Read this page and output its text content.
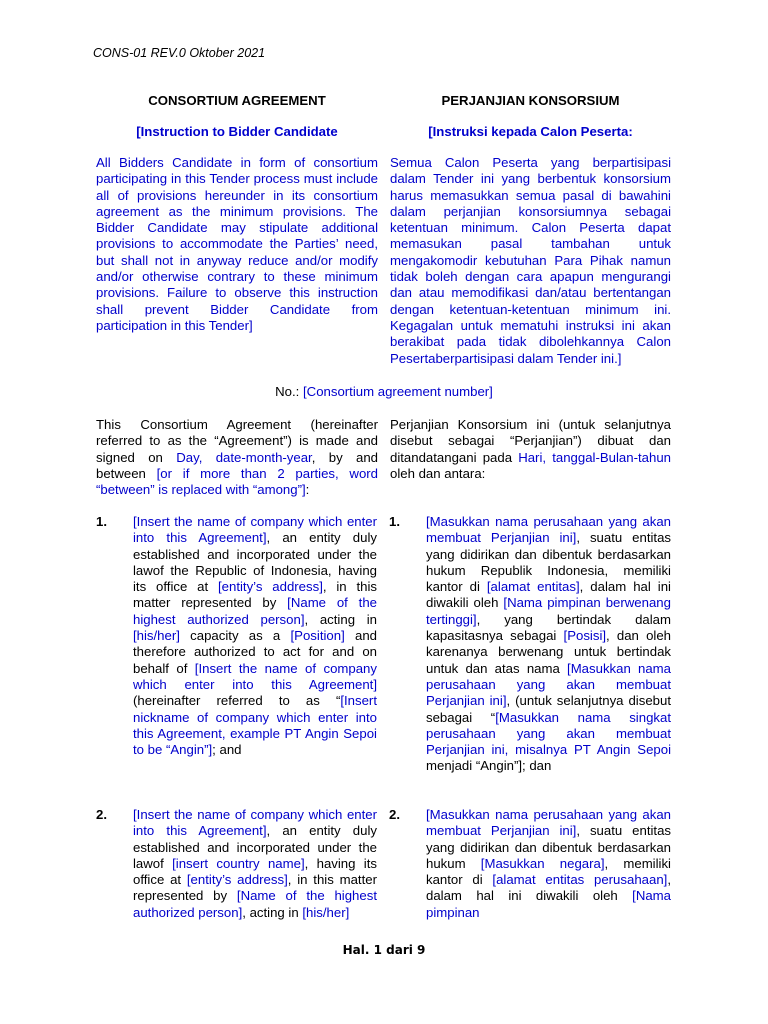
CONS-01 REV.0 Oktober 2021
CONSORTIUM AGREEMENT	PERJANJIAN KONSORSIUM
[Instruction to Bidder Candidate	[Instruksi kepada Calon Peserta:
All Bidders Candidate in form of consortium participating in this Tender process must include all of provisions hereunder in its consortium agreement as the minimum provisions. The Bidder Candidate may stipulate additional provisions to accommodate the Parties’ need, but shall not in anyway reduce and/or modify and/or otherwise contrary to these minimum provisions. Failure to observe this instruction shall prevent Bidder Candidate from participation in this Tender]
Semua Calon Peserta yang berpartisipasi dalam Tender ini yang berbentuk konsorsium harus memasukkan semua pasal di bawahini dalam perjanjian konsorsiumnya sebagai ketentuan minimum. Calon Peserta dapat memasukan pasal tambahan untuk mengakomodir kebutuhan Para Pihak namun tidak boleh dengan cara apapun mengurangi dan atau memodifikasi dan/atau bertentangan dengan ketentuan-ketentuan minimum ini. Kegagalan untuk mematuhi instruksi ini akan berakibat pada tidak dibolehkannya Calon Pesertaberpartisipasi dalam Tender ini.]
No.: [Consortium agreement number]
This Consortium Agreement (hereinafter referred to as the “Agreement”) is made and signed on Day, date-month-year, by and between [or if more than 2 parties, word “between” is replaced with “among”]:
Perjanjian Konsorsium ini (untuk selanjutnya disebut sebagai “Perjanjian”) dibuat dan ditandatangani pada Hari, tanggal-Bulan-tahun oleh dan antara:
1. [Insert the name of company which enter into this Agreement], an entity duly established and incorporated under the lawof the Republic of Indonesia, having its office at [entity’s address], in this matter represented by [Name of the highest authorized person], acting in [his/her] capacity as a [Position] and therefore authorized to act for and on behalf of [Insert the name of company which enter into this Agreement] (hereinafter referred to as “[Insert nickname of company which enter into this Agreement, example PT Angin Sepoi to be “Angin”]; and
1. [Masukkan nama perusahaan yang akan membuat Perjanjian ini], suatu entitas yang didirikan dan dibentuk berdasarkan hukum Republik Indonesia, memiliki kantor di [alamat entitas], dalam hal ini diwakili oleh [Nama pimpinan berwenang tertinggi], yang bertindak dalam kapasitasnya sebagai [Posisi], dan oleh karenanya berwenang untuk bertindak untuk dan atas nama [Masukkan nama perusahaan yang akan membuat Perjanjian ini], (untuk selanjutnya disebut sebagai “[Masukkan nama singkat perusahaan yang akan membuat Perjanjian ini, misalnya PT Angin Sepoi menjadi “Angin”]; dan
2. [Insert the name of company which enter into this Agreement], an entity duly established and incorporated under the lawof [insert country name], having its office at [entity’s address], in this matter represented by [Name of the highest authorized person], acting in [his/her]
2. [Masukkan nama perusahaan yang akan membuat Perjanjian ini], suatu entitas yang didirikan dan dibentuk berdasarkan hukum [Masukkan negara], memiliki kantor di [alamat entitas perusahaan], dalam hal ini diwakili oleh [Nama pimpinan
Hal. 1 dari 9
